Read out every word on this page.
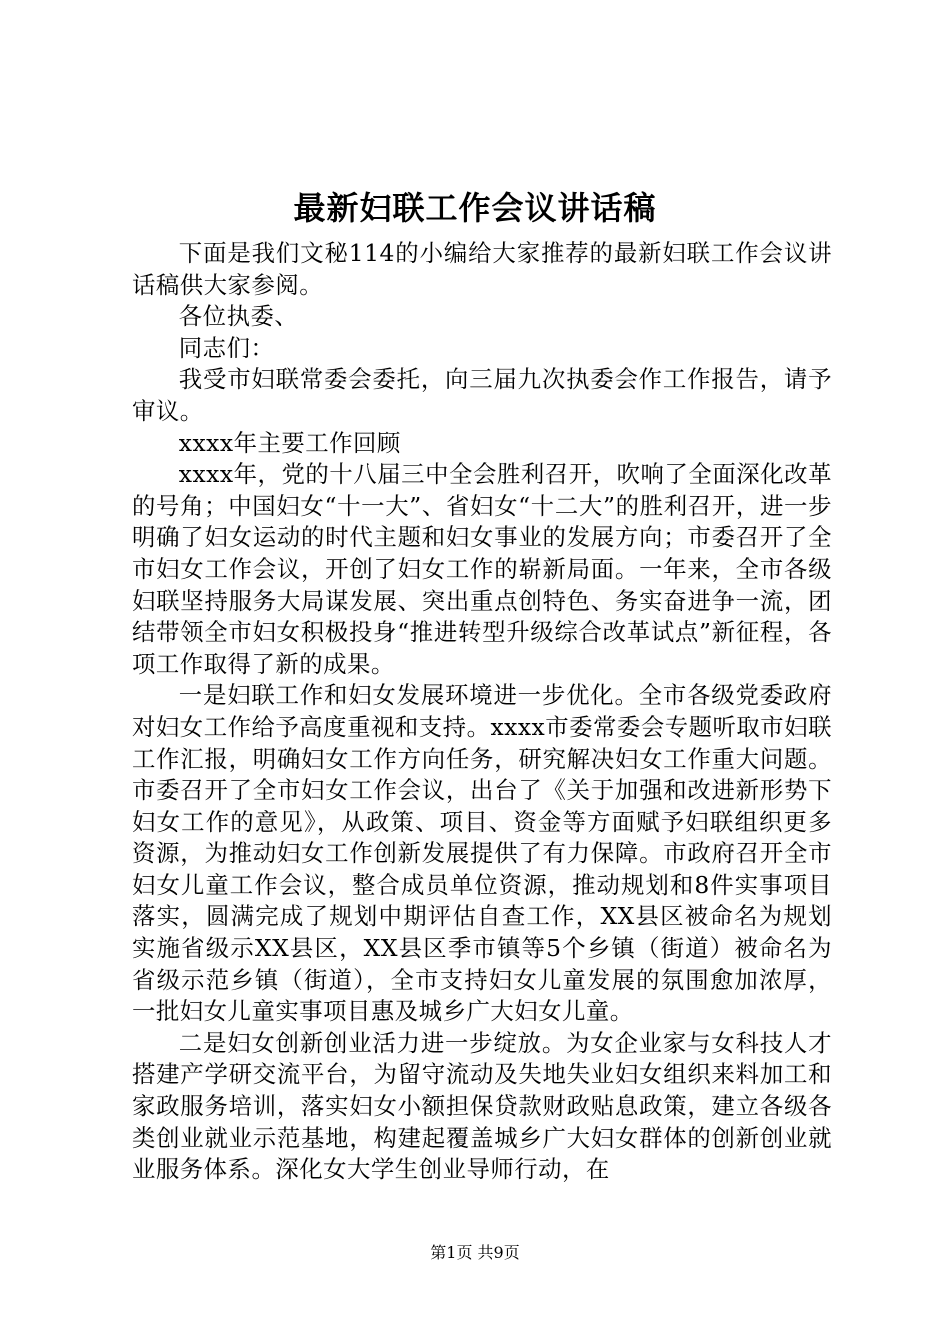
最新妇联工作会议讲话稿

下面是我们文秘114的小编给大家推荐的最新妇联工作会议讲话稿供大家参阅。

各位执委、

同志们：

我受市妇联常委会委托，向三届九次执委会作工作报告，请予审议。

xxxx年主要工作回顾

xxxx年，党的十八届三中全会胜利召开，吹响了全面深化改革的号角；中国妇女“十一大”、省妇女“十二大”的胜利召开，进一步明确了妇女运动的时代主题和妇女事业的发展方向；市委召开了全市妇女工作会议，开创了妇女工作的崭新局面。一年来，全市各级妇联坚持服务大局谋发展、突出重点创特色、务实奋进争一流，团结带领全市妇女积极投身“推进转型升级综合改革试点”新征程，各项工作取得了新的成果。

一是妇联工作和妇女发展环境进一步优化。全市各级党委政府对妇女工作给予高度重视和支持。xxxx市委常委会专题听取市妇联工作汇报，明确妇女工作方向任务，研究解决妇女工作重大问题。市委召开了全市妇女工作会议，出台了《关于加强和改进新形势下妇女工作的意见》，从政策、项目、资金等方面赋予妇联组织更多资源，为推动妇女工作创新发展提供了有力保障。市政府召开全市妇女儿童工作会议，整合成员单位资源，推动规划和8件实事项目落实，圆满完成了规划中期评估自查工作，XX县区被命名为规划实施省级示XX县区，XX县区季市镇等5个乡镇（街道）被命名为省级示范乡镇（街道），全市支持妇女儿童发展的氛围愈加浓厚，一批妇女儿童实事项目惠及城乡广大妇女儿童。

二是妇女创新创业活力进一步绽放。为女企业家与女科技人才搭建产学研交流平台，为留守流动及失地失业妇女组织来料加工和家政服务培训，落实妇女小额担保贷款财政贴息政策，建立各级各类创业就业示范基地，构建起覆盖城乡广大妇女群体的创新创业就业服务体系。深化女大学生创业导师行动，在

第1页 共9页
